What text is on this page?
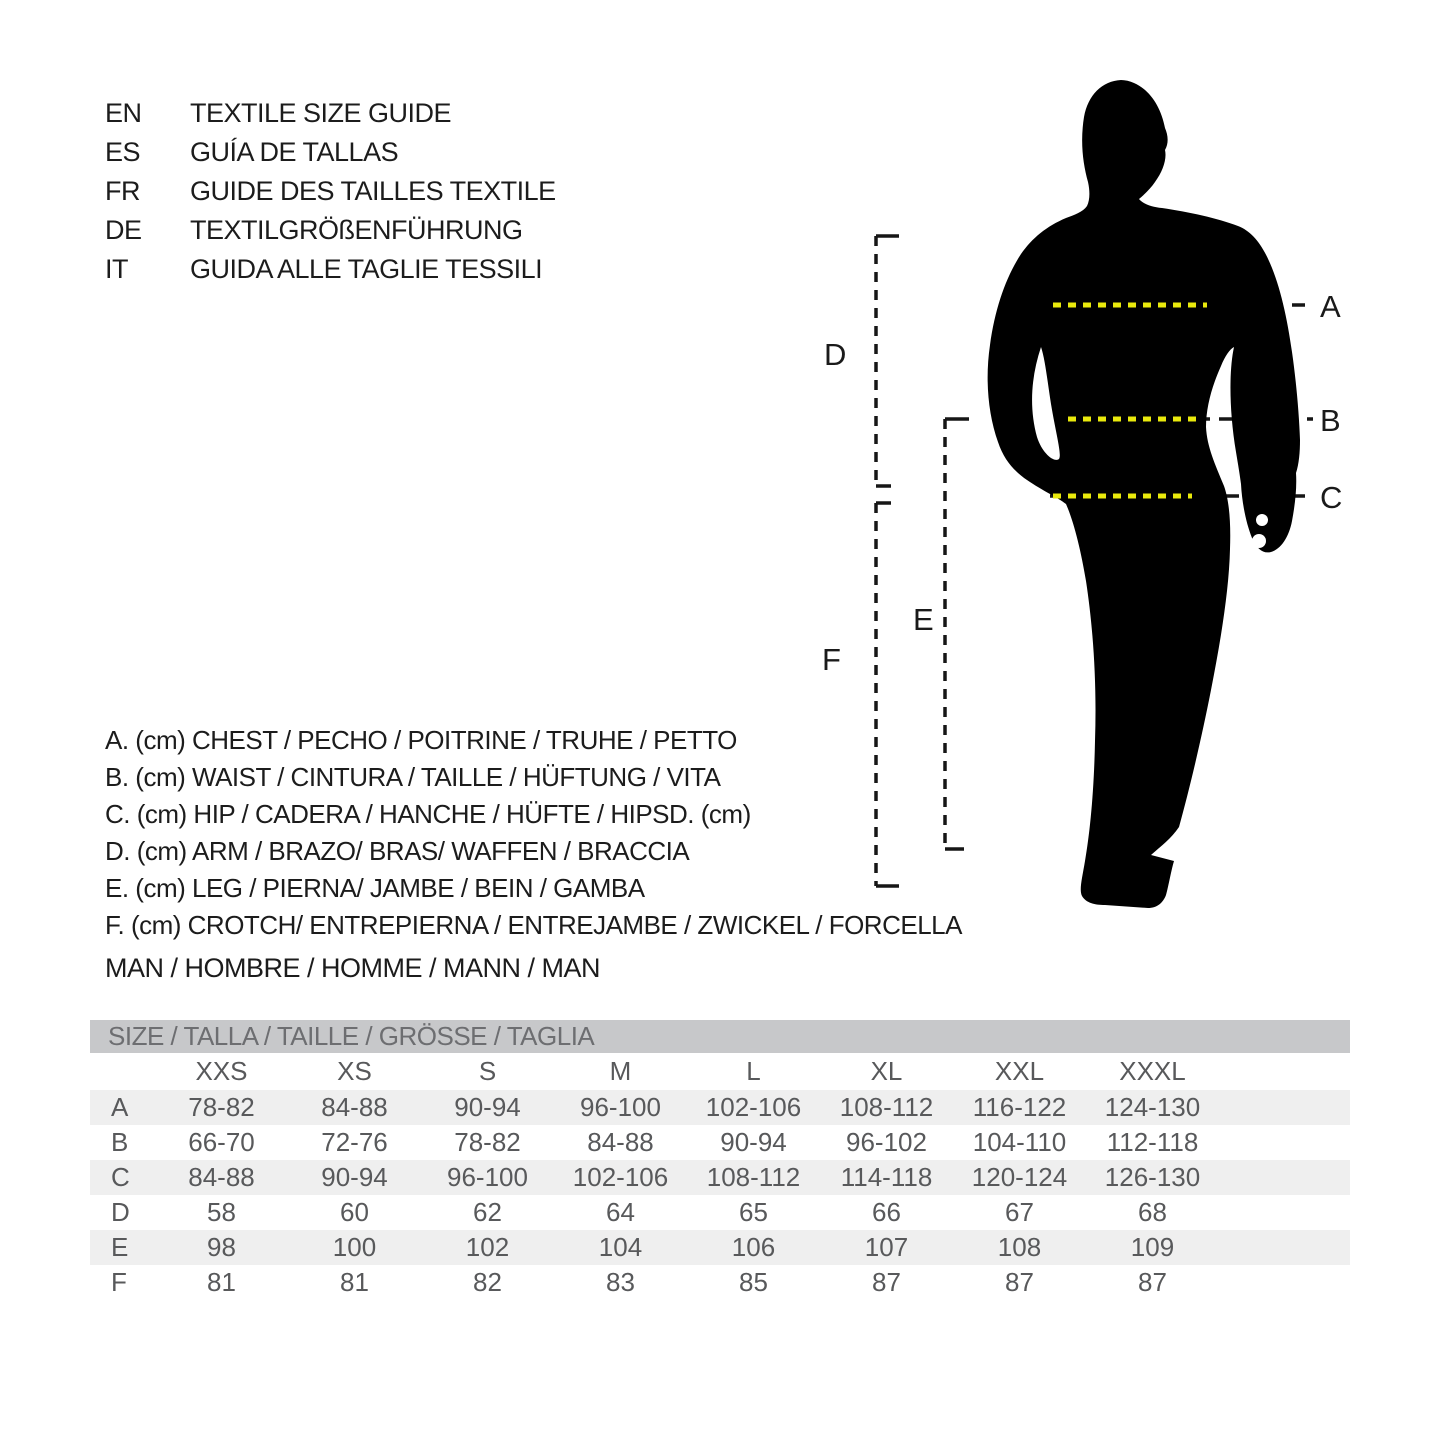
EN	TEXTILE SIZE GUIDE
ES	GUÍA DE TALLAS
FR	GUIDE DES TAILLES TEXTILE
DE	TEXTILGRÖßENFÜHRUNG
IT	GUIDA ALLE TAGLIE TESSILI
A
B
C
D
E
F
A. (cm) CHEST / PECHO / POITRINE / TRUHE / PETTO
B. (cm) WAIST / CINTURA / TAILLE / HÜFTUNG / VITA
C. (cm) HIP / CADERA / HANCHE / HÜFTE / HIPSD. (cm)
D. (cm) ARM / BRAZO/ BRAS/ WAFFEN / BRACCIA
E. (cm) LEG / PIERNA/ JAMBE / BEIN / GAMBA
F. (cm) CROTCH/ ENTREPIERNA / ENTREJAMBE / ZWICKEL / FORCELLA
MAN / HOMBRE / HOMME / MANN / MAN
SIZE / TALLA / TAILLE / GRÖSSE / TAGLIA
	XXS	XS	S	M	L	XL	XXL	XXXL	
A	78-82	84-88	90-94	96-100	102-106	108-112	116-122	124-130	
B	66-70	72-76	78-82	84-88	90-94	96-102	104-110	112-118	
C	84-88	90-94	96-100	102-106	108-112	114-118	120-124	126-130	
D	58	60	62	64	65	66	67	68	
E	98	100	102	104	106	107	108	109	
F	81	81	82	83	85	87	87	87	
